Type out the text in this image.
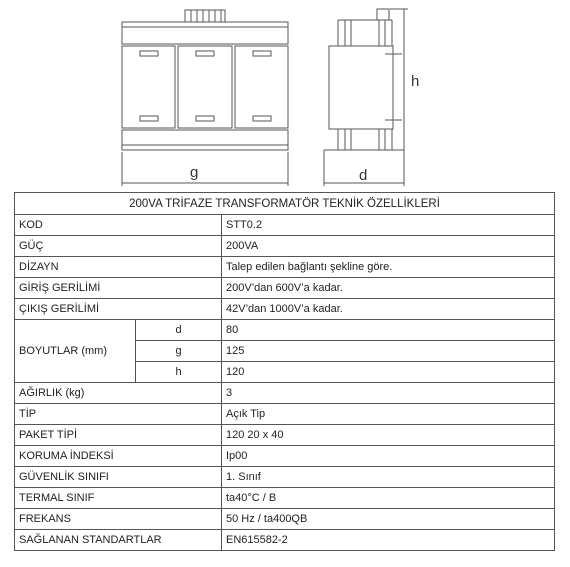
g	d
h
200VA TRİFAZE TRANSFORMATÖR TEKNİK ÖZELLİKLERİ		
KOD		STT0.2
GÜÇ		200VA
DİZAYN		Talep edilen bağlantı şekline göre.
GİRİŞ GERİLİMİ		200V’dan 600V’a kadar.
ÇIKIŞ GERİLİMİ		42V’dan 1000V’a kadar.
BOYUTLAR (mm)	d	80
	g	125
	h	120
AĞIRLIK (kg)		3
TİP		Açık Tip
PAKET TİPİ		120 20 x 40
KORUMA İNDEKSİ		Ip00
GÜVENLİK SINIFI		1. Sınıf
TERMAL SINIF		ta40°C / B
FREKANS		50 Hz / ta400QB
SAĞLANAN STANDARTLAR		EN615582-2
